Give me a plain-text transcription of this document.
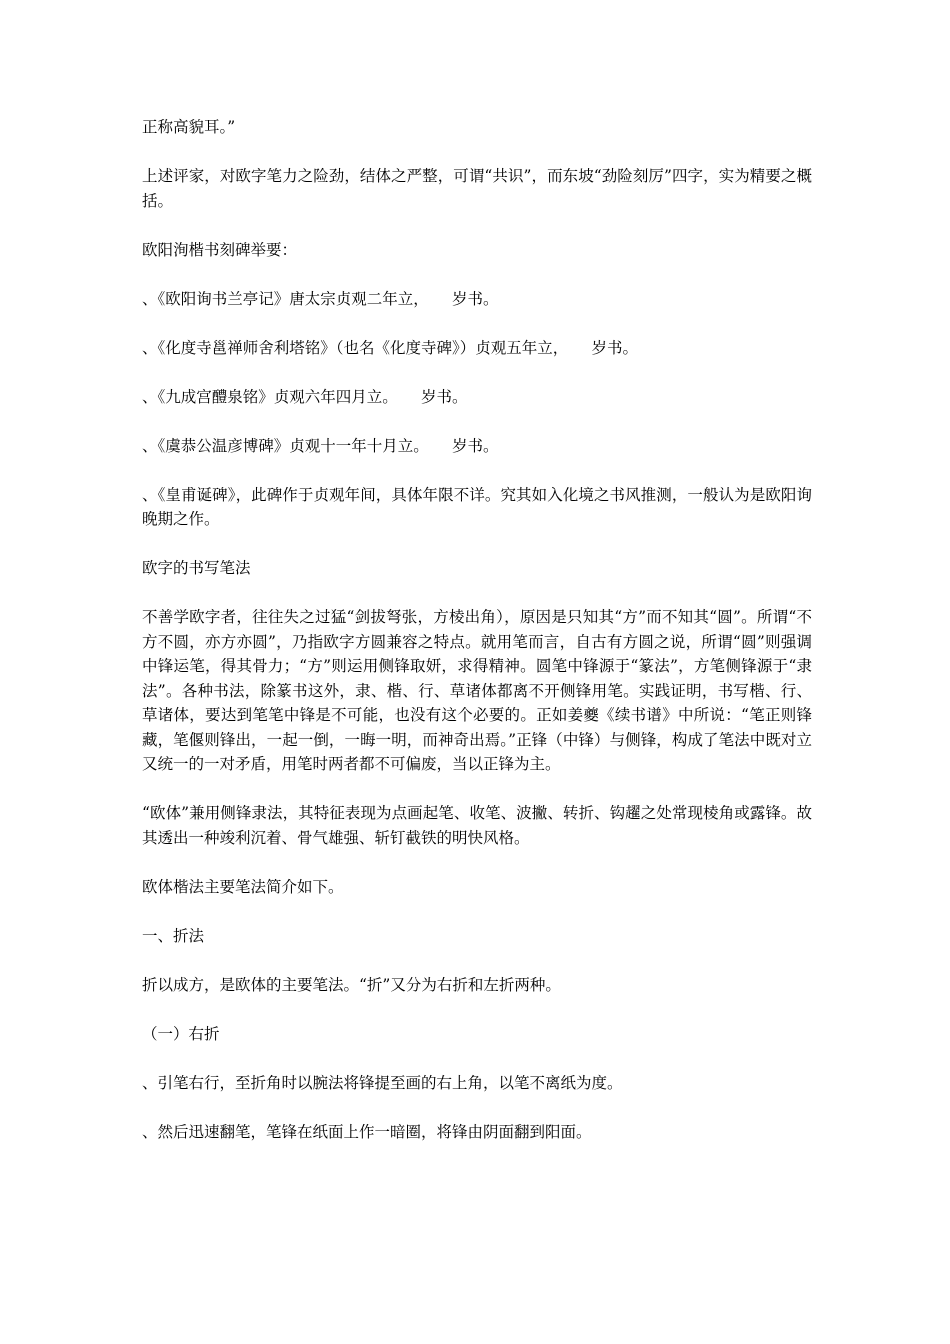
正称高貌耳。”

上述评家，对欧字笔力之险劲，结体之严整，可谓“共识”，而东坡“劲险刻厉”四字，实为精要之概括。

欧阳洵楷书刻碑举要：

、《欧阳询书兰亭记》唐太宗贞观二年立，　　岁书。

、《化度寺邕禅师舍利塔铭》（也名《化度寺碑》）贞观五年立，　　岁书。

、《九成宫醴泉铭》贞观六年四月立。　　岁书。

、《虞恭公温彦博碑》贞观十一年十月立。　　岁书。

、《皇甫诞碑》，此碑作于贞观年间，具体年限不详。究其如入化境之书风推测，一般认为是欧阳询晚期之作。

欧字的书写笔法

不善学欧字者，往往失之过猛“剑拔弩张，方棱出角），原因是只知其“方”而不知其“圆”。所谓“不方不圆，亦方亦圆”，乃指欧字方圆兼容之特点。就用笔而言，自古有方圆之说，所谓“圆”则强调中锋运笔，得其骨力；“方”则运用侧锋取妍，求得精神。圆笔中锋源于“篆法”，方笔侧锋源于“隶法”。各种书法，除篆书这外，隶、楷、行、草诸体都离不开侧锋用笔。实践证明，书写楷、行、草诸体，要达到笔笔中锋是不可能，也没有这个必要的。正如姜夔《续书谱》中所说：“笔正则锋藏，笔偃则锋出，一起一倒，一晦一明，而神奇出焉。”正锋（中锋）与侧锋，构成了笔法中既对立又统一的一对矛盾，用笔时两者都不可偏废，当以正锋为主。

“欧体”兼用侧锋隶法，其特征表现为点画起笔、收笔、波撇、转折、钩趯之处常现棱角或露锋。故其透出一种竣利沉着、骨气雄强、斩钉截铁的明快风格。

欧体楷法主要笔法简介如下。

一、折法

折以成方，是欧体的主要笔法。“折”又分为右折和左折两种。

（一）右折

、引笔右行，至折角时以腕法将锋提至画的右上角，以笔不离纸为度。

、然后迅速翻笔，笔锋在纸面上作一暗圈，将锋由阴面翻到阳面。
